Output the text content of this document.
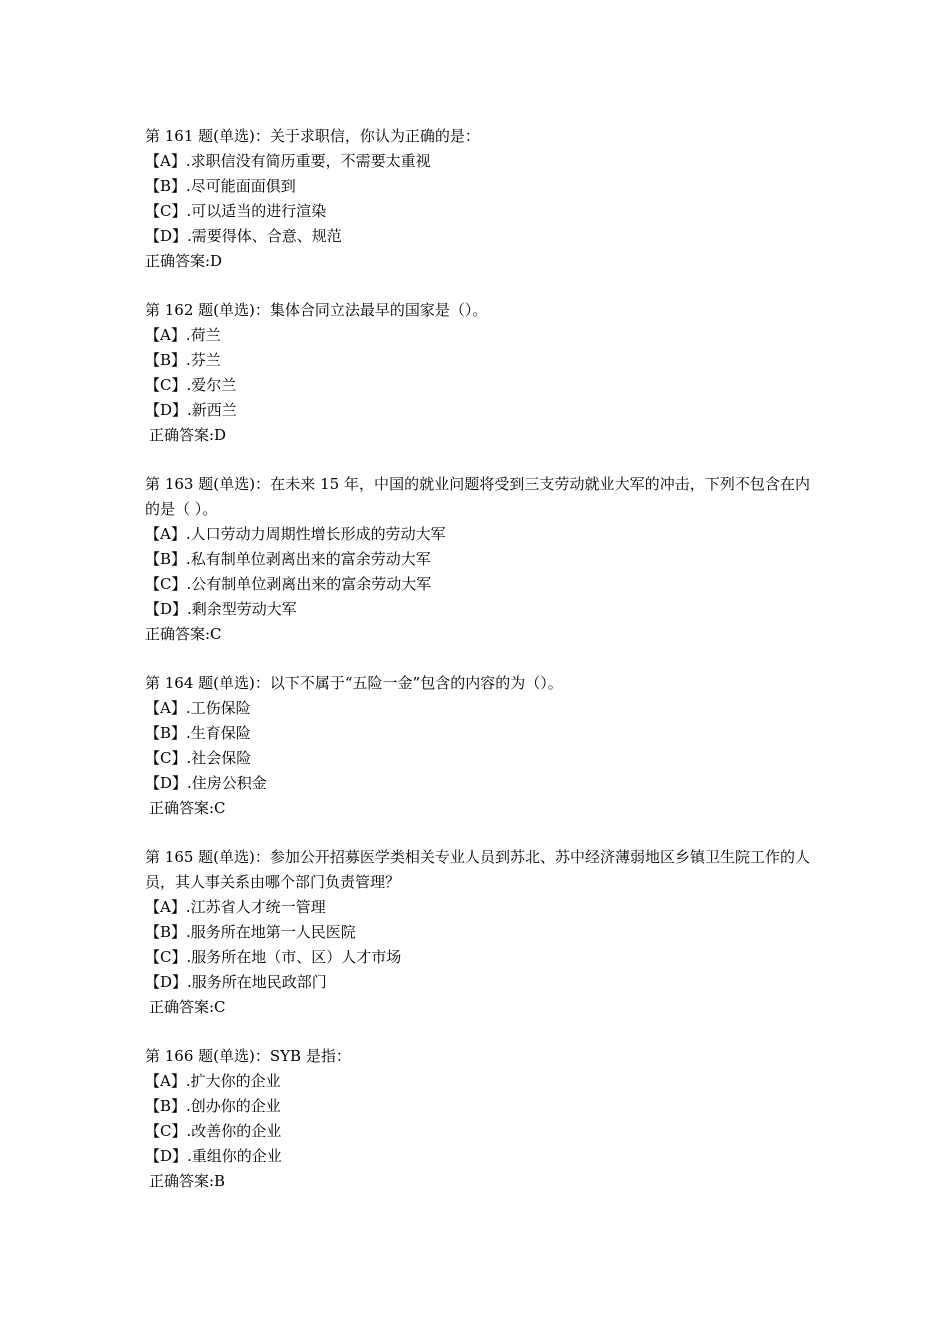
第 161 题(单选)：关于求职信，你认为正确的是：
【A】.求职信没有简历重要，不需要太重视
【B】.尽可能面面俱到
【C】.可以适当的进行渲染
【D】.需要得体、合意、规范
正确答案:D
第 162 题(单选)：集体合同立法最早的国家是（）。
【A】.荷兰
【B】.芬兰
【C】.爱尔兰
【D】.新西兰
正确答案:D
第 163 题(单选)：在未来 15 年，中国的就业问题将受到三支劳动就业大军的冲击，下列不包含在内的是（ ）。
【A】.人口劳动力周期性增长形成的劳动大军
【B】.私有制单位剥离出来的富余劳动大军
【C】.公有制单位剥离出来的富余劳动大军
【D】.剩余型劳动大军
正确答案:C
第 164 题(单选)：以下不属于“五险一金”包含的内容的为（）。
【A】.工伤保险
【B】.生育保险
【C】.社会保险
【D】.住房公积金
正确答案:C
第 165 题(单选)：参加公开招募医学类相关专业人员到苏北、苏中经济薄弱地区乡镇卫生院工作的人员，其人事关系由哪个部门负责管理？
【A】.江苏省人才统一管理
【B】.服务所在地第一人民医院
【C】.服务所在地（市、区）人才市场
【D】.服务所在地民政部门
正确答案:C
第 166 题(单选)：SYB 是指：
【A】.扩大你的企业
【B】.创办你的企业
【C】.改善你的企业
【D】.重组你的企业
正确答案:B
